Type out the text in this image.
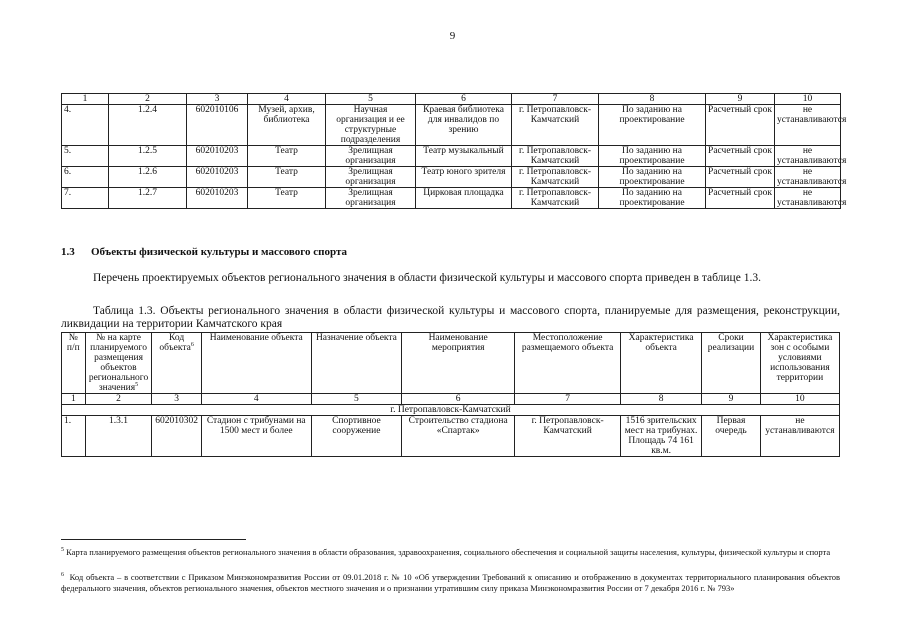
9
1	2	3	4	5	6	7	8	9	10
4.	1.2.4	602010106	Музей, архив, библиотека	Научная организация и ее структурные подразделения	Краевая библиотека для инвалидов по зрению	г. Петропавловск-Камчатский	По заданию на проектирование	Расчетный срок	не устанавливаются
5.	1.2.5	602010203	Театр	Зрелищная организация	Театр музыкальный	г. Петропавловск-Камчатский	По заданию на проектирование	Расчетный срок	не устанавливаются
6.	1.2.6	602010203	Театр	Зрелищная организация	Театр юного зрителя	г. Петропавловск-Камчатский	По заданию на проектирование	Расчетный срок	не устанавливаются
7.	1.2.7	602010203	Театр	Зрелищная организация	Цирковая площадка	г. Петропавловск-Камчатский	По заданию на проектирование	Расчетный срок	не устанавливаются
1.3 Объекты физической культуры и массового спорта
Перечень проектируемых объектов регионального значения в области физической культуры и массового спорта приведен в таблице 1.3.
Таблица 1.3. Объекты регионального значения в области физической культуры и массового спорта, планируемые для размещения, реконструкции, ликвидации на территории Камчатского края
№ п/п	№ на карте планируемого размещения объектов регионального значения$^5$	Код объекта$^6$	Наименование объекта	Назначение объекта	Наименование мероприятия	Местоположение размещаемого объекта	Характеристика объекта	Сроки реализации	Характеристика зон с особыми условиями использования территории
1	2	3	4	5	6	7	8	9	10
г. Петропавловск-Камчатский									
1.	1.3.1	602010302	Стадион с трибунами на 1500 мест и более	Спортивное сооружение	Строительство стадиона «Спартак»	г. Петропавловск-Камчатский	1516 зрительских мест на трибунах. Площадь 74 161 кв.м.	Первая очередь	не устанавливаются
$^5$ Карта планируемого размещения объектов регионального значения в области образования, здравоохранения, социального обеспечения и социальной защиты населения, культуры, физической культуры и спорта
$^6$ Код объекта – в соответствии с Приказом Минэкономразвития России от 09.01.2018 г. № 10 «Об утверждении Требований к описанию и отображению в документах территориального планирования объектов федерального значения, объектов регионального значения, объектов местного значения и о признании утратившим силу приказа Минэкономразвития России от 7 декабря 2016 г. № 793»
